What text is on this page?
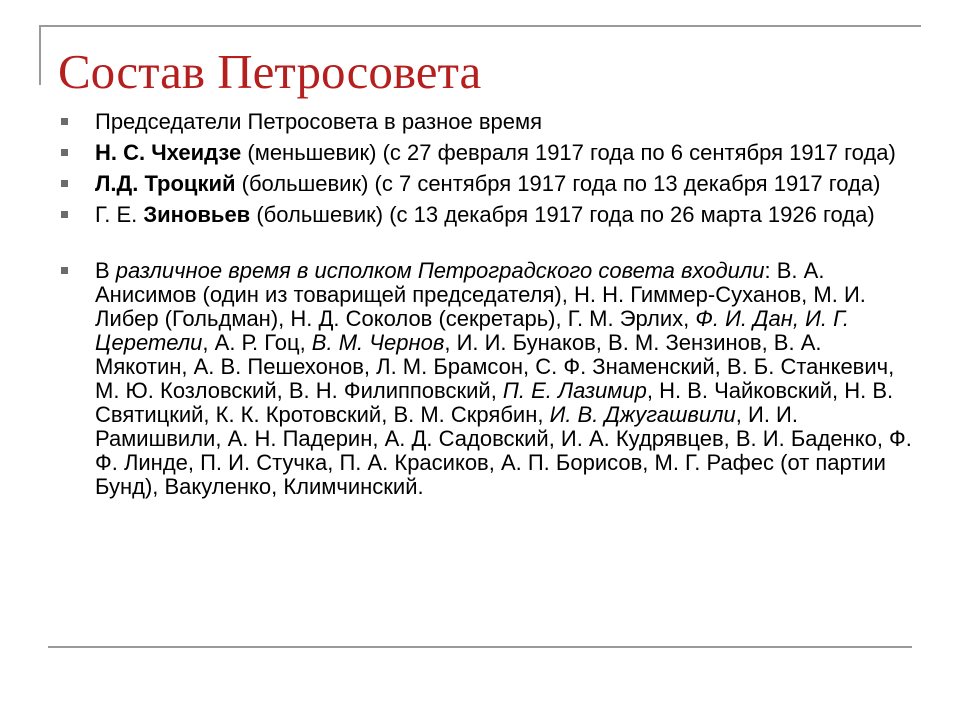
Состав Петросовета
Председатели Петросовета в разное время
Н. С. Чхеидзе (меньшевик) (с 27 февраля 1917 года по 6 сентября 1917 года)
Л.Д. Троцкий (большевик) (с 7 сентября 1917 года по 13 декабря 1917 года)
Г. Е. Зиновьев (большевик) (с 13 декабря 1917 года по 26 марта 1926 года)
В различное время в исполком Петроградского совета входили: В. А. Анисимов (один из товарищей председателя), Н. Н. Гиммер-Суханов, М. И. Либер (Гольдман), Н. Д. Соколов (секретарь), Г. М. Эрлих, Ф. И. Дан, И. Г. Церетели, А. Р. Гоц, В. М. Чернов, И. И. Бунаков, В. М. Зензинов, В. А. Мякотин, А. В. Пешехонов, Л. М. Брамсон, С. Ф. Знаменский, В. Б. Станкевич, М. Ю. Козловский, В. Н. Филипповский, П. Е. Лазимир, Н. В. Чайковский, Н. В. Святицкий, К. К. Кротовский, В. М. Скрябин, И. В. Джугашвили, И. И. Рамишвили, А. Н. Падерин, А. Д. Садовский, И. А. Кудрявцев, В. И. Баденко, Ф. Ф. Линде, П. И. Стучка, П. А. Красиков, А. П. Борисов, М. Г. Рафес (от партии Бунд), Вакуленко, Климчинский.
